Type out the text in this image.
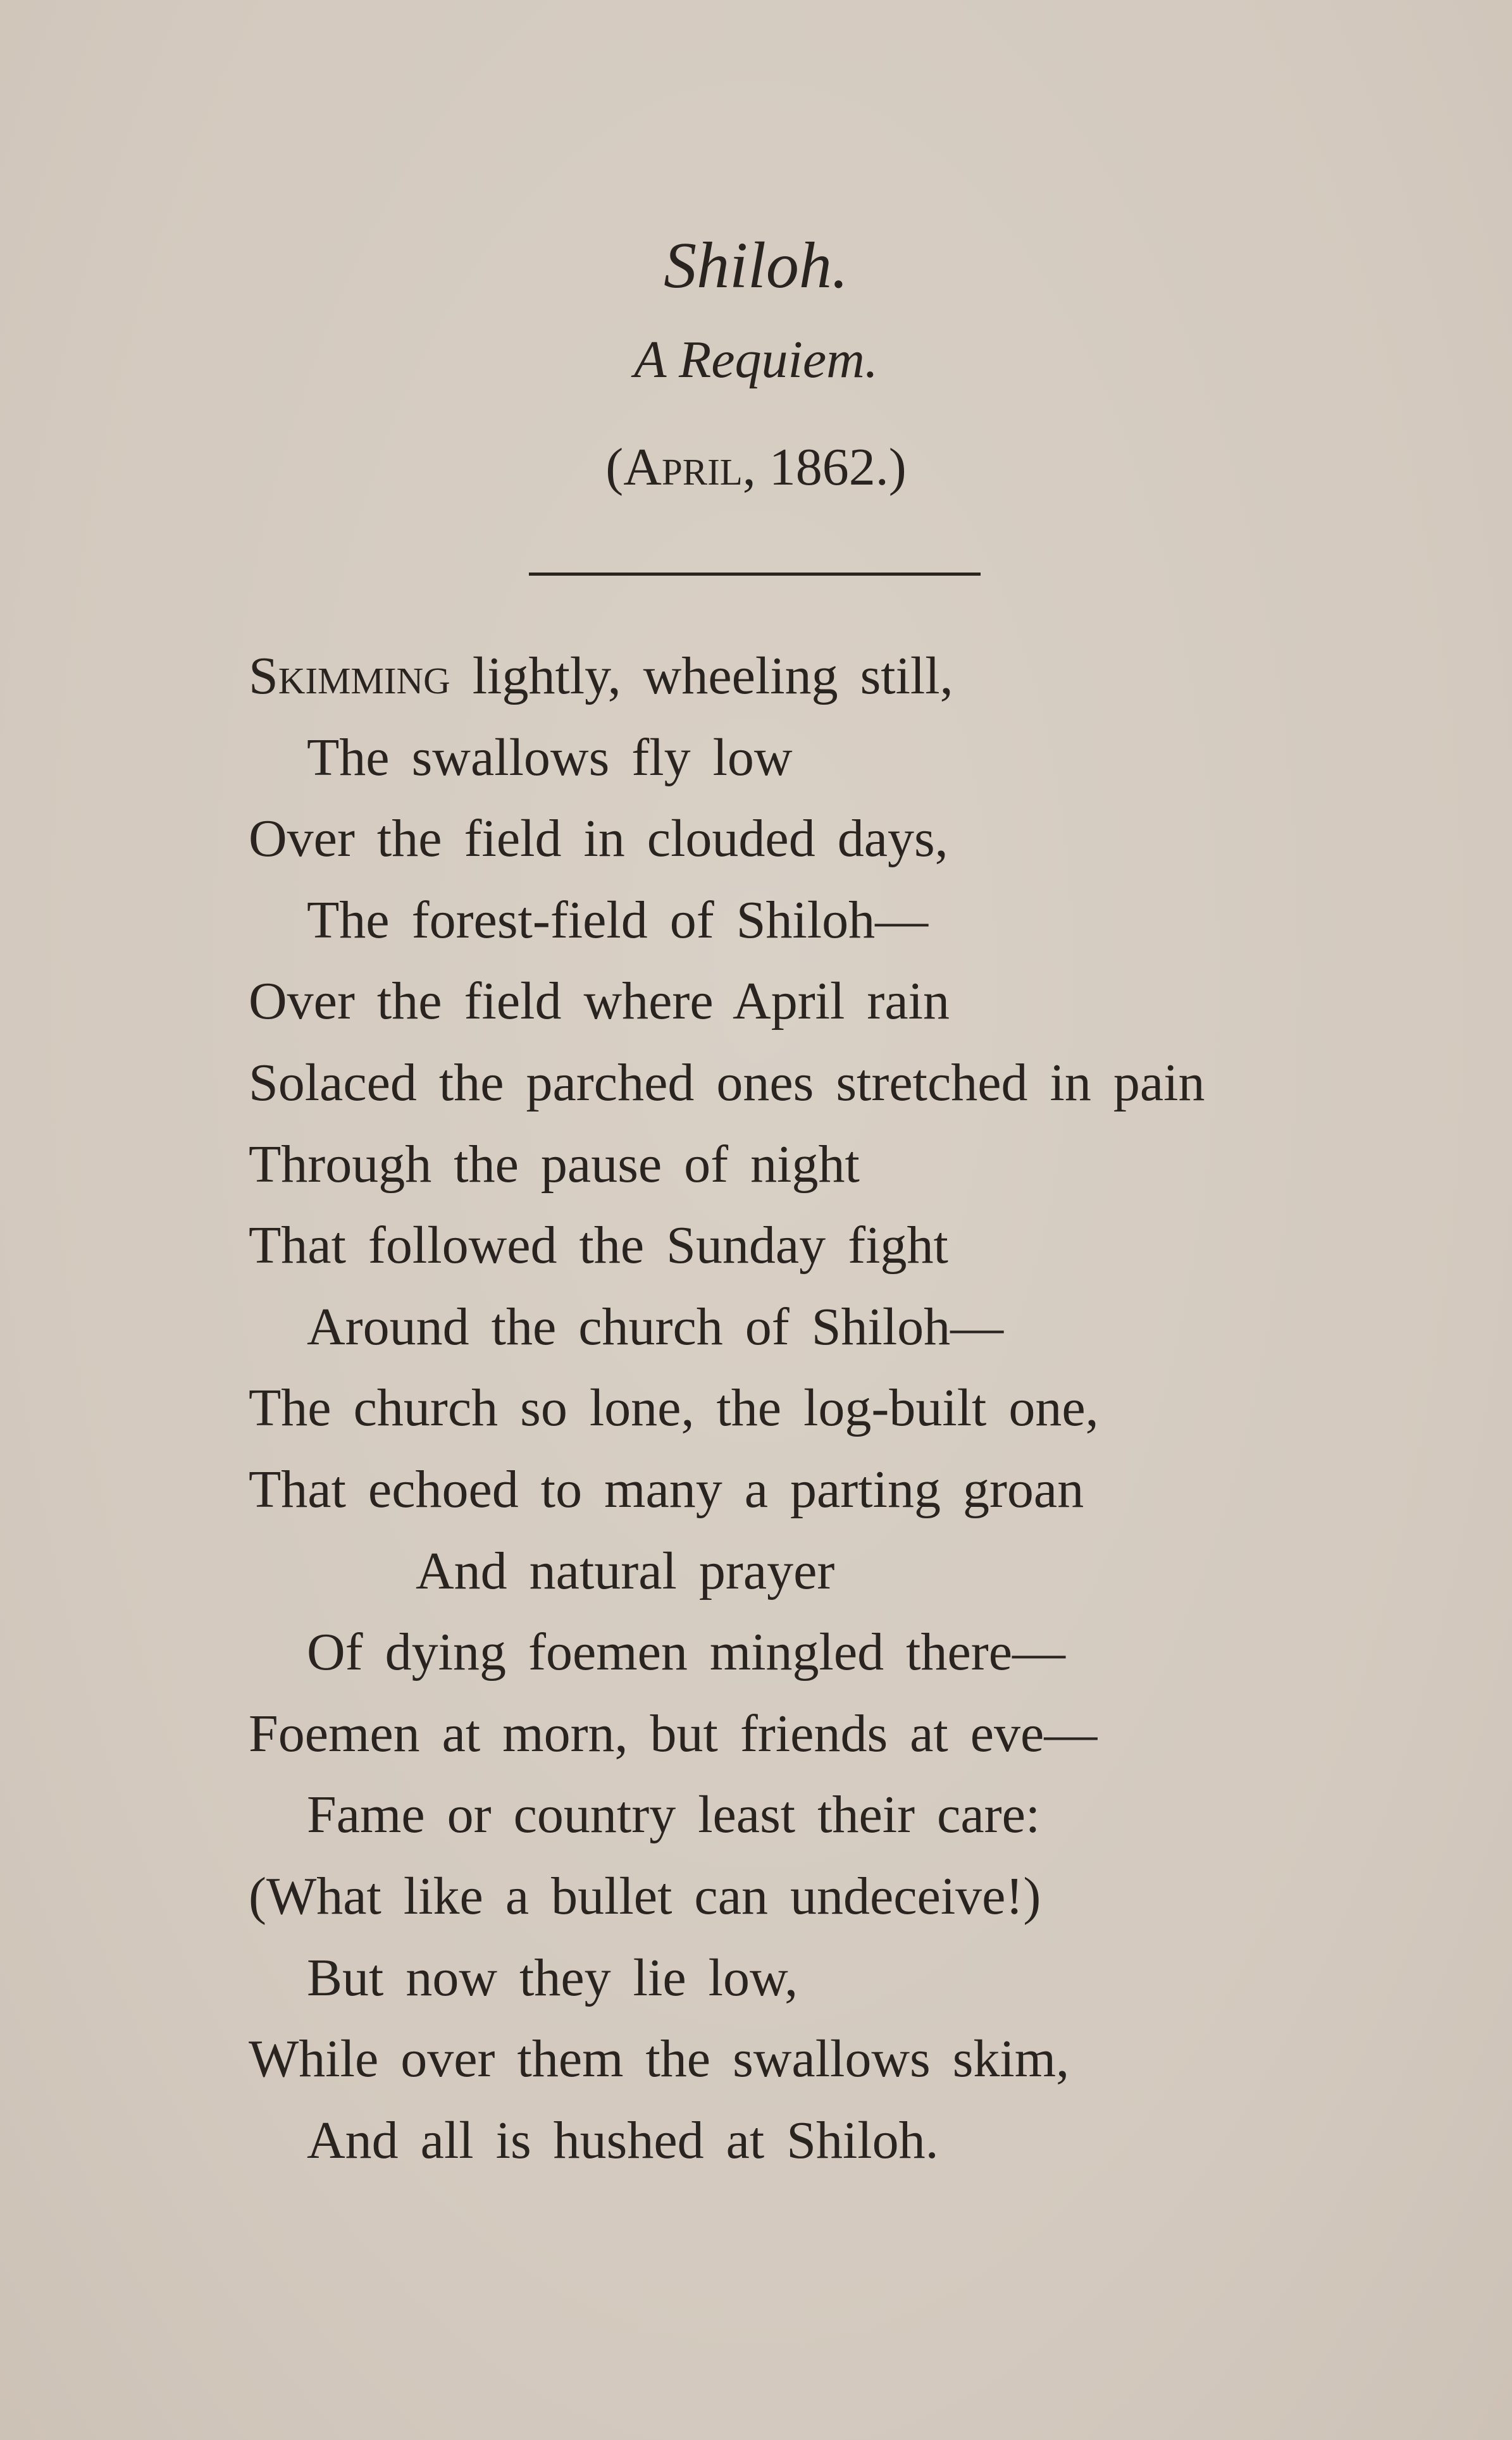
Shiloh.
A Requiem.
(April, 1862.)
Skimming lightly, wheeling still,
The swallows fly low
Over the field in clouded days,
The forest-field of Shiloh—
Over the field where April rain
Solaced the parched ones stretched in pain
Through the pause of night
That followed the Sunday fight
Around the church of Shiloh—
The church so lone, the log-built one,
That echoed to many a parting groan
And natural prayer
Of dying foemen mingled there—
Foemen at morn, but friends at eve—
Fame or country least their care:
(What like a bullet can undeceive!)
But now they lie low,
While over them the swallows skim,
And all is hushed at Shiloh.
